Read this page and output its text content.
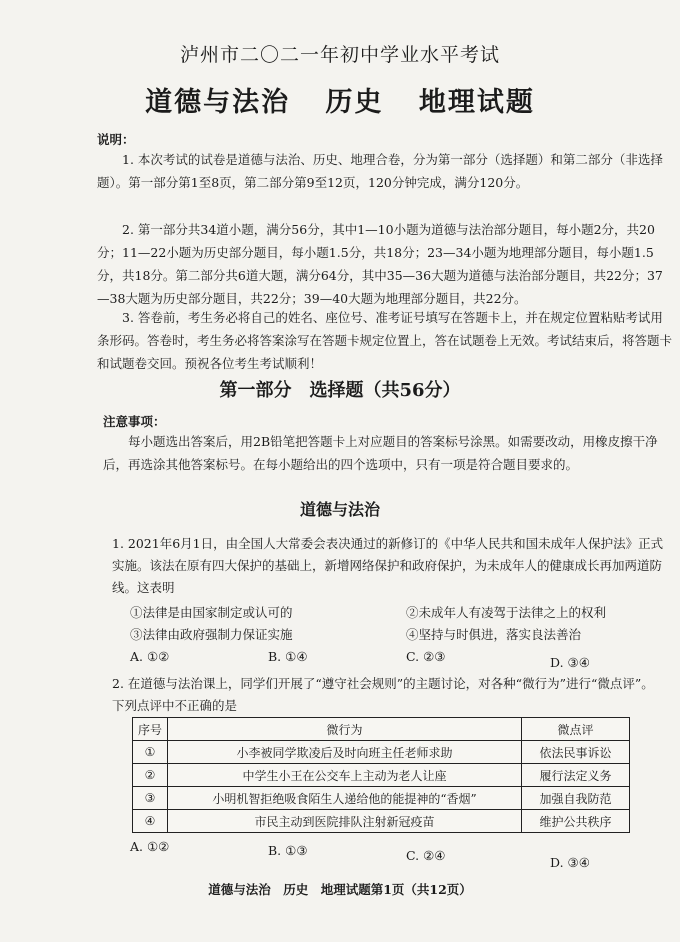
泸州市二〇二一年初中学业水平考试
道德与法治 历史 地理试题
说明：
1. 本次考试的试卷是道德与法治、历史、地理合卷，分为第一部分（选择题）和第二部分（非选择题）。第一部分第1至8页，第二部分第9至12页，120分钟完成，满分120分。
2. 第一部分共34道小题，满分56分，其中1—10小题为道德与法治部分题目，每小题2分，共20分；11—22小题为历史部分题目，每小题1.5分，共18分；23—34小题为地理部分题目，每小题1.5分，共18分。第二部分共6道大题，满分64分，其中35—36大题为道德与法治部分题目，共22分；37—38大题为历史部分题目，共22分；39—40大题为地理部分题目，共22分。
3. 答卷前，考生务必将自己的姓名、座位号、准考证号填写在答题卡上，并在规定位置粘贴考试用条形码。答卷时，考生务必将答案涂写在答题卡规定位置上，答在试题卷上无效。考试结束后，将答题卡和试题卷交回。预祝各位考生考试顺利！
第一部分　选择题（共56分）
注意事项：
每小题选出答案后，用2B铅笔把答题卡上对应题目的答案标号涂黑。如需要改动，用橡皮擦干净后，再选涂其他答案标号。在每小题给出的四个选项中，只有一项是符合题目要求的。
道德与法治
1. 2021年6月1日，由全国人大常委会表决通过的新修订的《中华人民共和国未成年人保护法》正式实施。该法在原有四大保护的基础上，新增网络保护和政府保护，为未成年人的健康成长再加两道防线。这表明
①法律是由国家制定或认可的	②未成年人有凌驾于法律之上的权利
③法律由政府强制力保证实施	④坚持与时俱进，落实良法善治
A. ①②	B. ①④	C. ②③	D. ③④
2. 在道德与法治课上，同学们开展了“遵守社会规则”的主题讨论，对各种“微行为”进行“微点评”。下列点评中不正确的是
序号	微行为	微点评
①	小李被同学欺凌后及时向班主任老师求助	依法民事诉讼
②	中学生小王在公交车上主动为老人让座	履行法定义务
③	小明机智拒绝吸食陌生人递给他的能提神的“香烟”	加强自我防范
④	市民主动到医院排队注射新冠疫苗	维护公共秩序
A. ①②	B. ①③	C. ②④	D. ③④
道德与法治　历史　地理试题第1页（共12页）
